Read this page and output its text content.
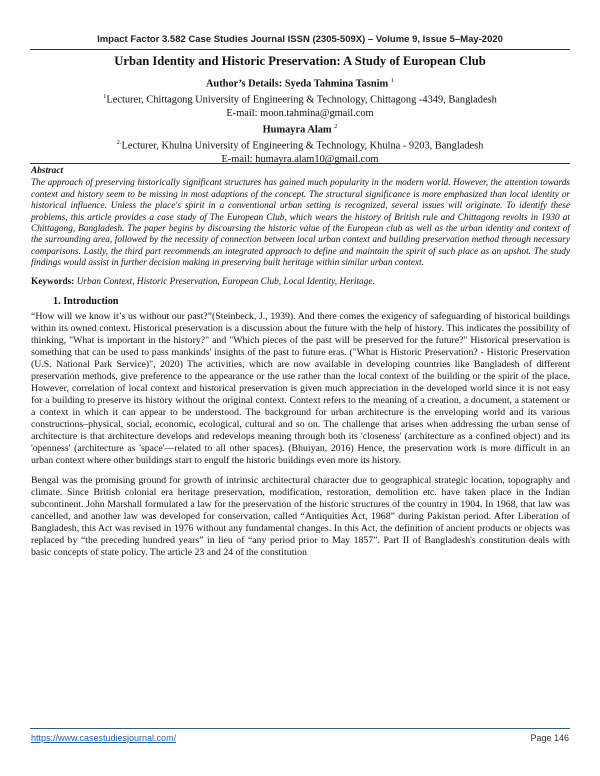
Impact Factor 3.582 Case Studies Journal ISSN (2305-509X) – Volume 9, Issue 5–May-2020
Urban Identity and Historic Preservation: A Study of European Club
Author’s Details: Syeda Tahmina Tasnim $^1$
$^1$Lecturer, Chittagong University of Engineering & Technology, Chittagong -4349, Bangladesh
E-mail: moon.tahmina@gmail.com
Humayra Alam $^2$
$^{2.}$Lecturer, Khulna University of Engineering & Technology, Khulna - 9203, Bangladesh
E-mail: humayra.alam10@gmail.com
Abstract
The approach of preserving historically significant structures has gained much popularity in the modern world. However, the attention towards context and history seem to be missing in most adaptions of the concept. The structural significance is more emphasized than local identity or historical influence. Unless the place's spirit in a conventional urban setting is recognized, several issues will originate. To identify these problems, this article provides a case study of The European Club, which wears the history of British rule and Chittagong revolts in 1930 at Chittagong, Bangladesh. The paper begins by discoursing the historic value of the European club as well as the urban identity and context of the surrounding area, followed by the necessity of connection between local urban context and building preservation method through necessary comparisons. Lastly, the third part recommends an integrated approach to define and maintain the spirit of such place as an upshot. The study findings would assist in further decision making in preserving built heritage within similar urban context.
Keywords: Urban Context, Historic Preservation, European Club, Local Identity, Heritage.
1. Introduction
“How will we know it’s us without our past?”(Steinbeck, J., 1939). And there comes the exigency of safeguarding of historical buildings within its owned context. Historical preservation is a discussion about the future with the help of history. This indicates the possibility of thinking, "What is important in the history?" and "Which pieces of the past will be preserved for the future?" Historical preservation is something that can be used to pass mankinds' insights of the past to future eras. ("What is Historic Preservation? - Historic Preservation (U.S. National Park Service)", 2020) The activities, which are now available in developing countries like Bangladesh of different preservation methods, give preference to the appearance or the use rather than the local context of the building or the spirit of the place. However, correlation of local context and historical preservation is given much appreciation in the developed world since it is not easy for a building to preserve its history without the original context. Context refers to the meaning of a creation, a document, a statement or a context in which it can appear to be understood. The background for urban architecture is the enveloping world and its various constructions–physical, social, economic, ecological, cultural and so on. The challenge that arises when addressing the urban sense of architecture is that architecture develops and redevelops meaning through both its 'closeness' (architecture as a confined object) and its 'openness' (architecture as 'space'—related to all other spaces). (Bhuiyan, 2016) Hence, the preservation work is more difficult in an urban context where other buildings start to engulf the historic buildings even more its history.
Bengal was the promising ground for growth of intrinsic architectural character due to geographical strategic location, topography and climate. Since British colonial era heritage preservation, modification, restoration, demolition etc. have taken place in the Indian subcontinent. John Marshall formulated a law for the preservation of the historic structures of the country in 1904. In 1968, that law was cancelled, and another law was developed for conservation, called “Antiquities Act, 1968” during Pakistan period. After Liberation of Bangladesh, this Act was revised in 1976 without any fundamental changes. In this Act, the definition of ancient products or objects was replaced by “the preceding hundred years” in lieu of “any period prior to May 1857”. Part II of Bangladesh's constitution deals with basic concepts of state policy. The article 23 and 24 of the constitution
https://www.casestudiesjournal.com/	Page 146
